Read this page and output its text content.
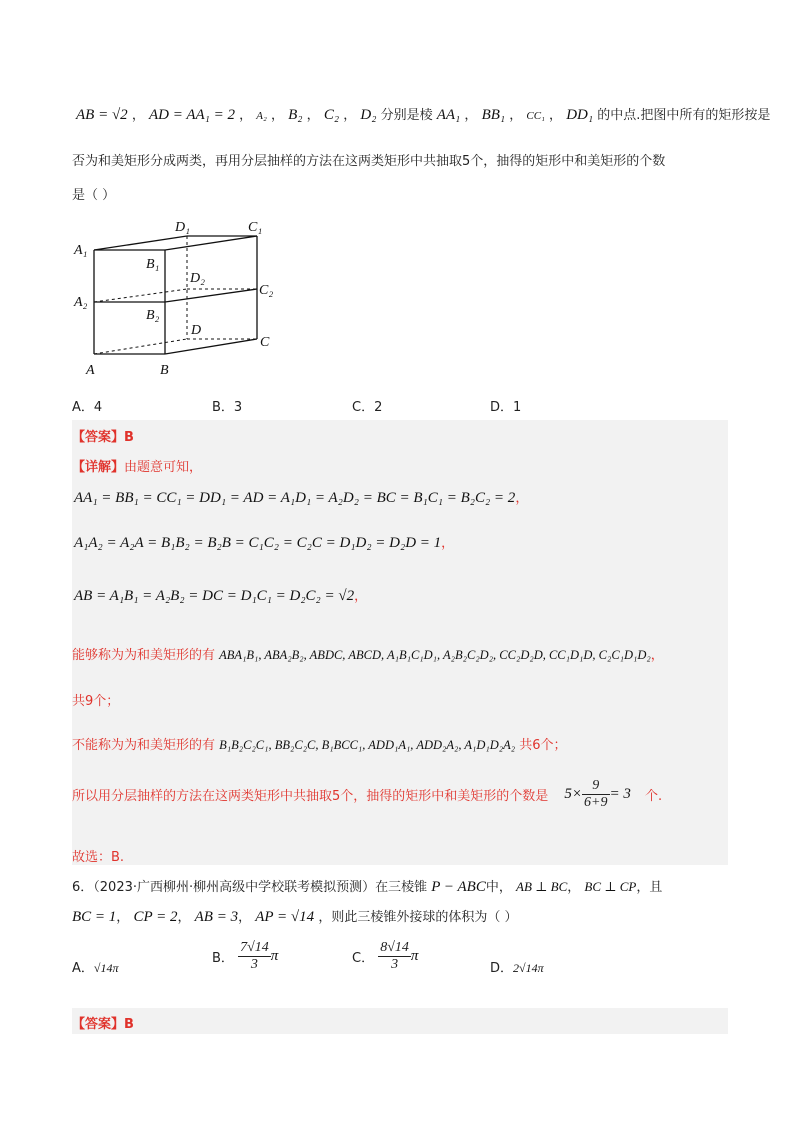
AB = √2 ， AD = AA₁ = 2 ， A₂ ， B₂ ， C₂ ， D₂ 分别是棱 AA₁ ， BB₁ ， CC₁ ， DD₁ 的中点.把图中所有的矩形按是
否为和美矩形分成两类，再用分层抽样的方法在这两类矩形中共抽取5个，抽得的矩形中和美矩形的个数
是（ ）
A₁
D₁	C₁
B₁
D₂
A₂
C₂
B₂
D
C
A	B
A．4	B．3	C．2	D．1
【答案】B
【详解】由题意可知，
AA₁ = BB₁ = CC₁ = DD₁ = AD = A₁D₁ = A₂D₂ = BC = B₁C₁ = B₂C₂ = 2，
A₁A₂ = A₂A = B₁B₂ = B₂B = C₁C₂ = C₂C = D₁D₂ = D₂D = 1，
AB = A₁B₁ = A₂B₂ = DC = D₁C₁ = D₂C₂ = √2，
能够称为为和美矩形的有 ABA₁B₁, ABA₂B₂, ABDC, ABCD, A₁B₁C₁D₁, A₂B₂C₂D₂, CC₂D₂D, CC₁D₁D, C₂C₁D₁D₂，
共9个；
不能称为为和美矩形的有 B₁B₂C₂C₁, BB₂C₂C, B₁BCC₁, ADD₁A₁, ADD₂A₂, A₁D₁D₂A₂ 共6个；
所以用分层抽样的方法在这两类矩形中共抽取5个，抽得的矩形中和美矩形的个数是 $5\times \frac{9}{6+9} = 3$ 个.
故选：B.
6．（2023·广西柳州·柳州高级中学校联考模拟预测）在三棱锥 P − ABC中， AB ⊥ BC， BC ⊥ CP，且
BC = 1， CP = 2， AB = 3， AP = √14 ，则此三棱锥外接球的体积为（ ）
A．√14π
B． $\frac{7√14}{3}$ π	C． $\frac{8√14}{3}$ π
D．2√14π
【答案】B
